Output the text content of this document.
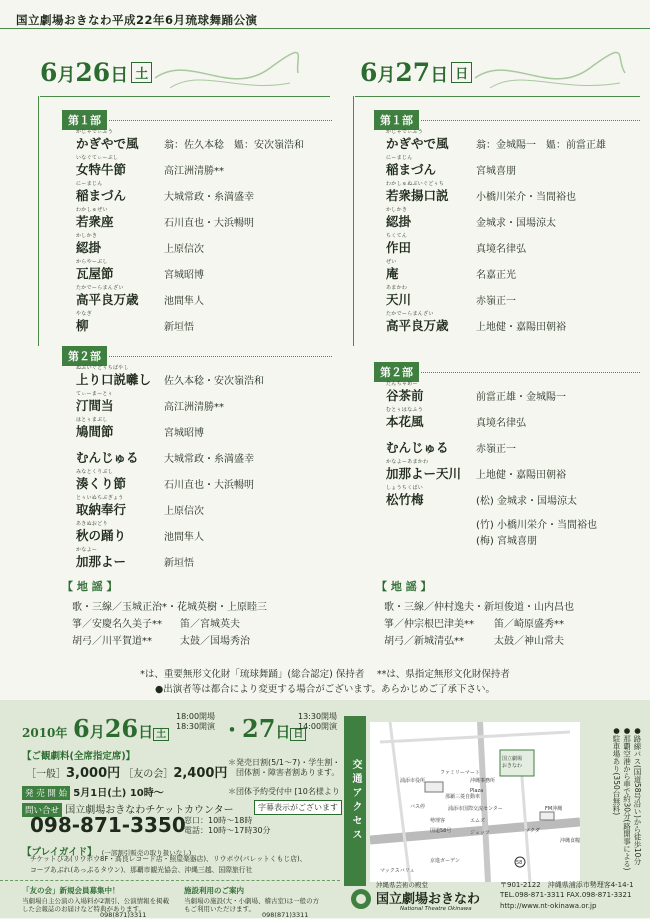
国立劇場おきなわ平成22年6月琉球舞踊公演
6月26日 土	6月27日 日
第１部
かじゃでぃふう
かぎやで風	翁：佐久本稔　媼：安次嶺浩和
いなぐてぃーぶし
女特牛節	高江洲清勝**
にーまじん
稲まづん	大城常政・糸満盛幸
わかしゅぜい
若衆座	石川直也・大浜暢明
かしかき
綛掛	上原信次
からやーぶし
瓦屋節	宮城昭博
たかでーらまんざい
高平良万歳	池間隼人
やなぎ
柳	新垣悟
第２部
ぬぶいぐどぅちばやし
上り口説囃し 佐久本稔・安次嶺浩和
てぃーまーとぅ
汀間当	高江洲清勝**
はとぅまぶし
鳩間節	宮城昭博
むんじゅる	大城常政・糸満盛幸
みなとくりぶし
湊くり節	石川直也・大浜暢明
とぅいぬちぶぎょう
取納奉行	上原信次
あきぬおどり
秋の踊り	池間隼人
かなよー
加那よー	新垣悟
第１部
かじゃでぃふう
かぎやで風	翁：金城陽一　媼：前當正雄
にーまじん
稲まづん	宮城喜朋
わかしゅぬぶいぐどぅち
若衆揚口説	小橋川栄介・当間裕也
かしかき
綛掛	金城求・国場涼太
ちくてん
作田	真境名律弘
ぜい
庵	名嘉正光
あまかわ
天川	赤嶺正一
たかでーらまんざい
高平良万歳	上地健・嘉陽田朝裕
第２部
たんちゃめー
谷茶前	前當正雄・金城陽一
むとぅはなふう
本花風	真境名律弘
むんじゅる	赤嶺正一
かなよーあまかわ
加那よー天川 上地健・嘉陽田朝裕
しょうちくばい
松竹梅	(松) 金城求・国場涼太
(竹) 小橋川栄介・当間裕也
(梅) 宮城喜朋
【 地 謡 】
歌・三線／玉城正治*・花城英樹・上原睦三
箏／安慶名久美子** 笛／宮城英夫
胡弓／川平賀道**	太鼓／国場秀治
【 地 謡 】
歌・三線／仲村逸夫・新垣俊道・山内昌也
箏／仲宗根巴津美** 笛／崎原盛秀**
胡弓／新城清弘**	太鼓／神山常夫
*は、重要無形文化財「琉球舞踊」(総合認定) 保持者　 **は、県指定無形文化財保持者
●出演者等は都合により変更する場合がございます。あらかじめご了承下さい。
2010年 6月26日 土
18:00開場
18:30開演 ・27日 日
13:30開場
14:00開演
【ご観劇料(全席指定席)】
［一般］3,000円 ［友の会］2,400円
＊発売日割(5/1〜7)・学生割・
　団体割・障害者割あります。
発 売 開 始 5月1日(土) 10時〜	＊団体予約受付中 [10名様より
問い合せ 国立劇場おきなわチケットカウンター	字幕表示がございます
098-871-3350
窓口：10時〜18時
電話：10時〜17時30分
【プレイガイド】 (一部割引販売の取り扱いなし)
チケットぴあ(リウボウ8F・高良レコード店・照屋楽器店)、リウボウ(パレットくもじ店)、
コープあぶれ(あっぷるタウン)、那覇市観光協会、沖縄三越、国際旅行社
交通アクセス	国立劇場
おきなわ
58
国道58号
勢理客
浦添市役所
バス停
ファミリーマート
那覇三菱自動車
マックスバリュ
エムズ
ジェッツ	マクダ
FM沖縄
沖縄食糧
京進ガーデン
Plaza
沖縄事務所
浦添市国際交流センター	●路線バス(国道58号沿い)から徒歩10分
●那覇空港から車で約30分(路開事による)
●駐車場あり(350台無料)
「友の会」新規会員募集中！
当劇場自主公演の入場料が2割引、公演情報を掲載
した会報誌のお届けなど特典があります。
098(871)3311
施設利用のご案内
当劇場の施設(大・小劇場、稽古室)は一般の方
もご利用いただけます。
098(871)3311
沖縄県芸術の殿堂
国立劇場おきなわ
National Theatre Okinawa
〒901-2122　沖縄県浦添市勢理客4-14-1
TEL.098-871-3311 FAX.098-871-3321
http://www.nt-okinawa.or.jp
